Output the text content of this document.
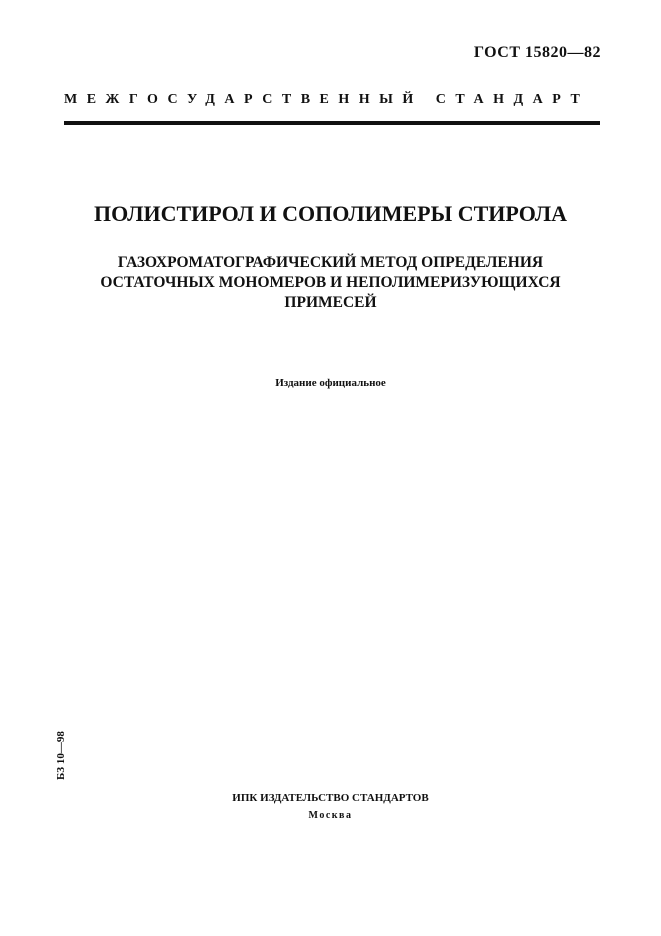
ГОСТ 15820—82
МЕЖГОСУДАРСТВЕННЫЙ СТАНДАРТ
ПОЛИСТИРОЛ И СОПОЛИМЕРЫ СТИРОЛА
ГАЗОХРОМАТОГРАФИЧЕСКИЙ МЕТОД ОПРЕДЕЛЕНИЯ
ОСТАТОЧНЫХ МОНОМЕРОВ И НЕПОЛИМЕРИЗУЮЩИХСЯ
ПРИМЕСЕЙ
Издание официальное
БЗ 10—98
ИПК ИЗДАТЕЛЬСТВО СТАНДАРТОВ
Москва
